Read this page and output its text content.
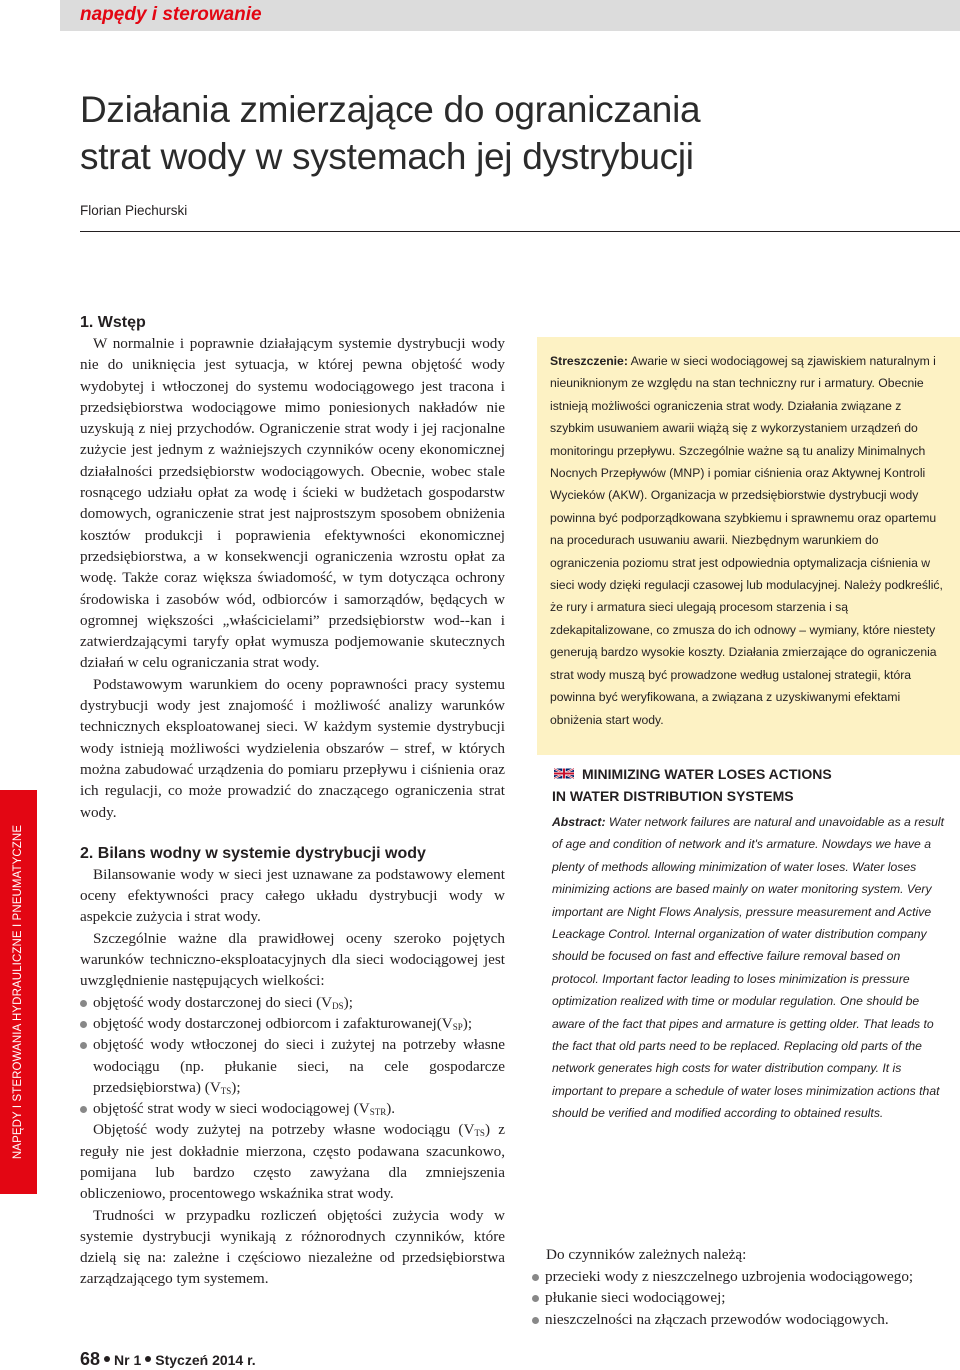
napędy i sterowanie
Działania zmierzające do ograniczania
strat wody w systemach jej dystrybucji
Florian Piechurski
NAPĘDY I STEROWANIA HYDRAULICZNE I PNEUMATYCZNE
1. Wstęp

W normalnie i poprawnie działającym systemie dystrybucji wody nie do uniknięcia jest sytuacja, w której pewna objętość wody wydobytej i wtłoczonej do systemu wodociągowego jest tracona i przedsiębiorstwa wodociągowe mimo poniesionych nakładów nie uzyskują z niej przychodów. Ograniczenie strat wody i jej racjonalne zużycie jest jednym z ważniejszych czynników oceny ekonomicznej działalności przedsiębiorstw wodociągowych. Obecnie, wobec stale rosnącego udziału opłat za wodę i ścieki w budżetach gospodarstw domowych, ograniczenie strat jest najprostszym sposobem obniżenia kosztów produkcji i poprawienia efektywności ekonomicznej przedsiębiorstwa, a w konsekwencji ograniczenia wzrostu opłat za wodę. Także coraz większa świadomość, w tym dotycząca ochrony środowiska i zasobów wód, odbiorców i samorządów, będących w ogromnej większości „właścicielami” przedsiębiorstw wod--kan i zatwierdzającymi taryfy opłat wymusza podjemowanie skutecznych działań w celu ograniczania strat wody.

Podstawowym warunkiem do oceny poprawności pracy systemu dystrybucji wody jest znajomość i możliwość analizy warunków technicznych eksploatowanej sieci. W każdym systemie dystrybucji wody istnieją możliwości wydzielenia obszarów – stref, w których można zabudować urządzenia do pomiaru przepływu i ciśnienia oraz ich regulacji, co może prowadzić do znaczącego ograniczenia strat wody.

2. Bilans wodny w systemie dystrybucji wody

Bilansowanie wody w sieci jest uznawane za podstawowy element oceny efektywności pracy całego układu dystrybucji wody w aspekcie zużycia i strat wody.

Szczególnie ważne dla prawidłowej oceny szeroko pojętych warunków techniczno-eksploatacyjnych dla sieci wodociągowej jest uwzględnienie następujących wielkości:

objętość wody dostarczonej do sieci $(V_{DS})$;
objętość wody dostarczonej odbiorcom i $zafakturowanej(V_{SP})$;
objętość wody wtłoczonej do sieci i zużytej na potrzeby własne wodociągu (np. płukanie sieci, na cele gospodarcze przedsiębiorstwa) $(V_{TS})$;
objętość strat wody w sieci wodociągowej $(V_{STR})$.

Objętość wody zużytej na potrzeby własne wodociągu $(V_{TS})$ z reguły nie jest dokładnie mierzona, często podawana szacunkowo, pomijana lub bardzo często zawyżana dla zmniejszenia obliczeniowo, procentowego wskaźnika strat wody.

Trudności w przypadku rozliczeń objętości zużycia wody w systemie dystrybucji wynikają z różnorodnych czynników, które dzielą się na: zależne i częściowo niezależne od przedsiębiorstwa zarządzającego tym systemem.

Streszczenie: Awarie w sieci wodociągowej są zjawiskiem naturalnym i nieuniknionym ze względu na stan techniczny rur i armatury. Obecnie istnieją możliwości ograniczenia strat wody. Działania związane z szybkim usuwaniem awarii wiążą się z wykorzystaniem urządzeń do monitoringu przepływu. Szczególnie ważne są tu analizy Minimalnych Nocnych Przepływów (MNP) i pomiar ciśnienia oraz Aktywnej Kontroli Wycieków (AKW). Organizacja w przedsiębiorstwie dystrybucji wody powinna być podporządkowana szybkiemu i sprawnemu oraz opartemu na procedurach usuwaniu awarii. Niezbędnym warunkiem do ograniczenia poziomu strat jest odpowiednia optymalizacja ciśnienia w sieci wody dzięki regulacji czasowej lub modulacyjnej. Należy podkreślić, że rury i armatura sieci ulegają procesom starzenia i są zdekapitalizowane, co zmusza do ich odnowy – wymiany, które niestety generują bardzo wysokie koszty. Działania zmierzające do ograniczenia strat wody muszą być prowadzone według ustalonej strategii, która powinna być weryfikowana, a związana z uzyskiwanymi efektami obniżenia start wody.
MINIMIZING WATER LOSES ACTIONS
IN WATER DISTRIBUTION SYSTEMS
Abstract: Water network failures are natural and unavoidable as a result of age and condition of network and it's armature. Nowdays we have a plenty of methods allowing minimization of water loses. Water loses minimizing actions are based mainly on water monitoring system. Very important are Night Flows Analysis, pressure measurement and Active Leackage Control. Internal organization of water distribution company should be focused on fast and effective failure removal based on protocol. Important factor leading to loses minimization is pressure optimization realized with time or modular regulation. One should be aware of the fact that pipes and armature is getting older. That leads to the fact that old parts need to be replaced. Replacing old parts of the network generates high costs for water distribution company. It is important to prepare a schedule of water loses minimization actions that should be verified and modified according to obtained results.

Do czynników zależnych należą:

przecieki wody z nieszczelnego uzbrojenia wodociągowego;
płukanie sieci wodociągowej;
nieszczelności na złączach przewodów wodociągowych.
68 Nr 1 Styczeń 2014 r.
